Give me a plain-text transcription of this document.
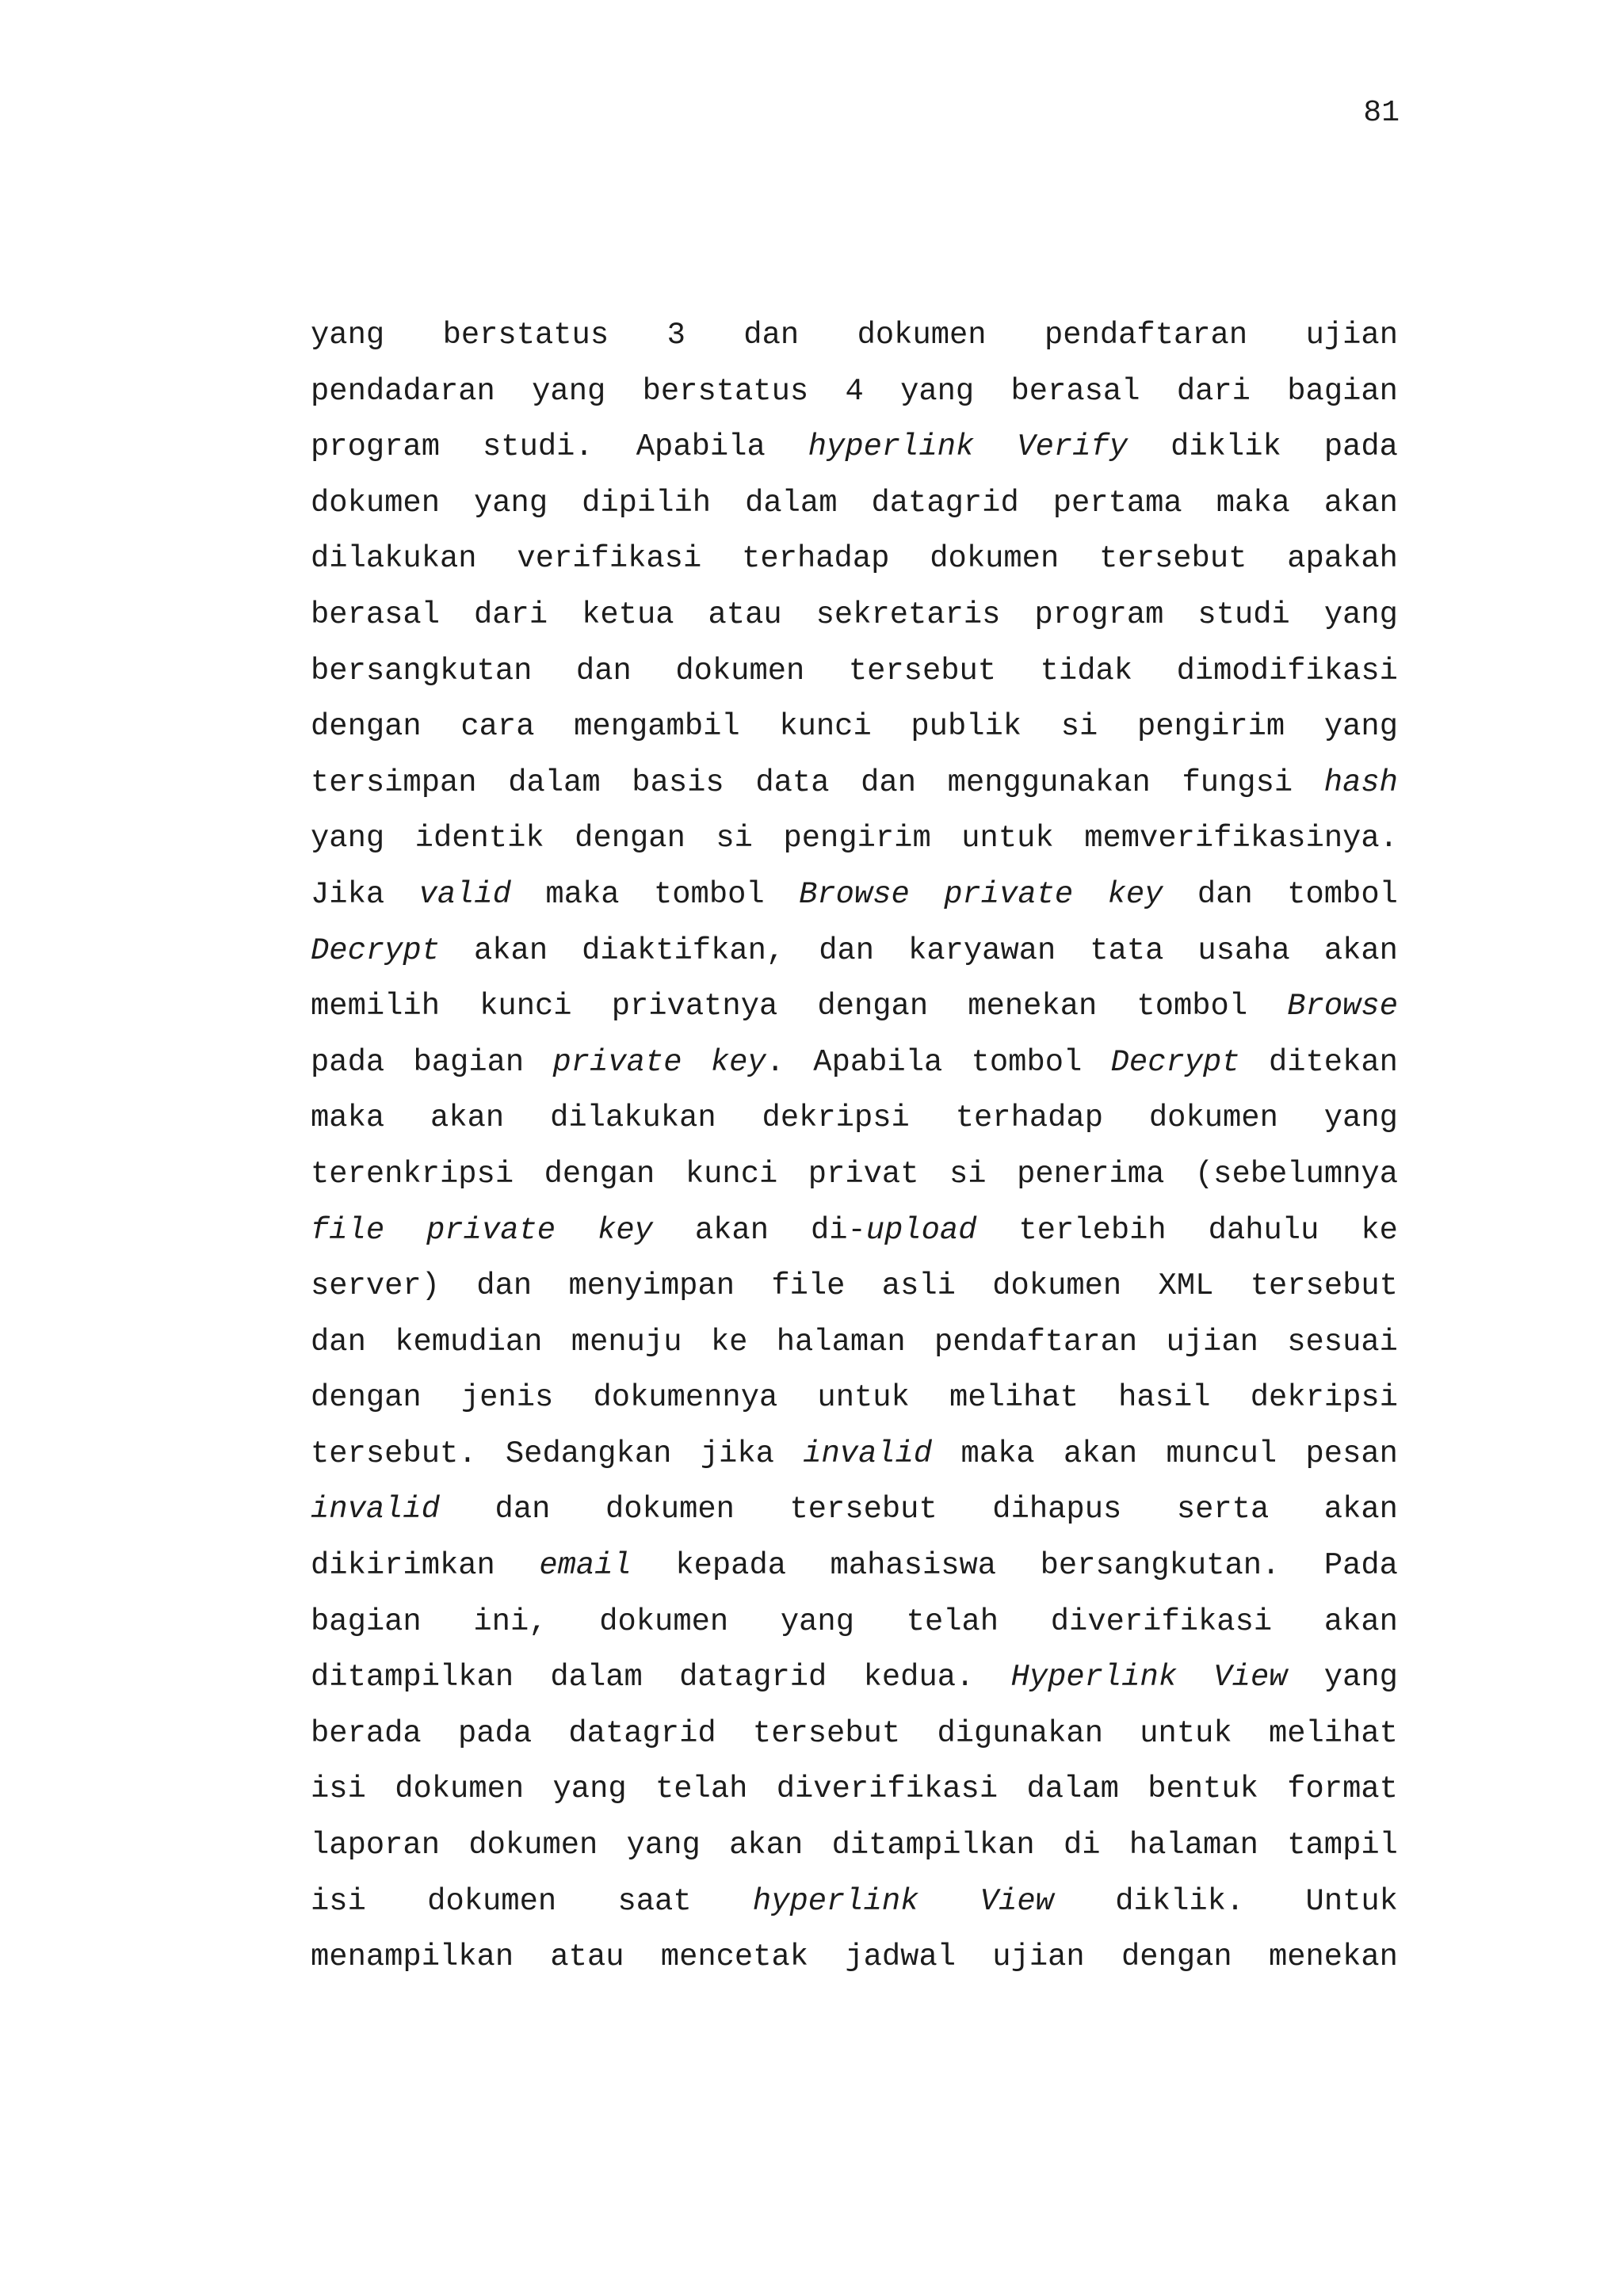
81
yang berstatus 3 dan dokumen pendaftaran ujian
pendadaran yang berstatus 4 yang berasal dari bagian
program studi. Apabila hyperlink Verify diklik pada
dokumen yang dipilih dalam datagrid pertama maka akan
dilakukan verifikasi terhadap dokumen tersebut apakah
berasal dari ketua atau sekretaris program studi yang
bersangkutan dan dokumen tersebut tidak dimodifikasi
dengan cara mengambil kunci publik si pengirim yang
tersimpan dalam basis data dan menggunakan fungsi hash
yang identik dengan si pengirim untuk memverifikasinya.
Jika valid maka tombol Browse private key dan tombol
Decrypt akan diaktifkan, dan karyawan tata usaha akan
memilih kunci privatnya dengan menekan tombol Browse
pada bagian private key. Apabila tombol Decrypt ditekan
maka akan dilakukan dekripsi terhadap dokumen yang
terenkripsi dengan kunci privat si penerima (sebelumnya
file private key akan di-upload terlebih dahulu ke
server) dan menyimpan file asli dokumen XML tersebut
dan kemudian menuju ke halaman pendaftaran ujian sesuai
dengan jenis dokumennya untuk melihat hasil dekripsi
tersebut. Sedangkan jika invalid maka akan muncul pesan
invalid dan dokumen tersebut dihapus serta akan
dikirimkan email kepada mahasiswa bersangkutan. Pada
bagian ini, dokumen yang telah diverifikasi akan
ditampilkan dalam datagrid kedua. Hyperlink View yang
berada pada datagrid tersebut digunakan untuk melihat
isi dokumen yang telah diverifikasi dalam bentuk format
laporan dokumen yang akan ditampilkan di halaman tampil
isi dokumen saat hyperlink View diklik. Untuk
menampilkan atau mencetak jadwal ujian dengan menekan
